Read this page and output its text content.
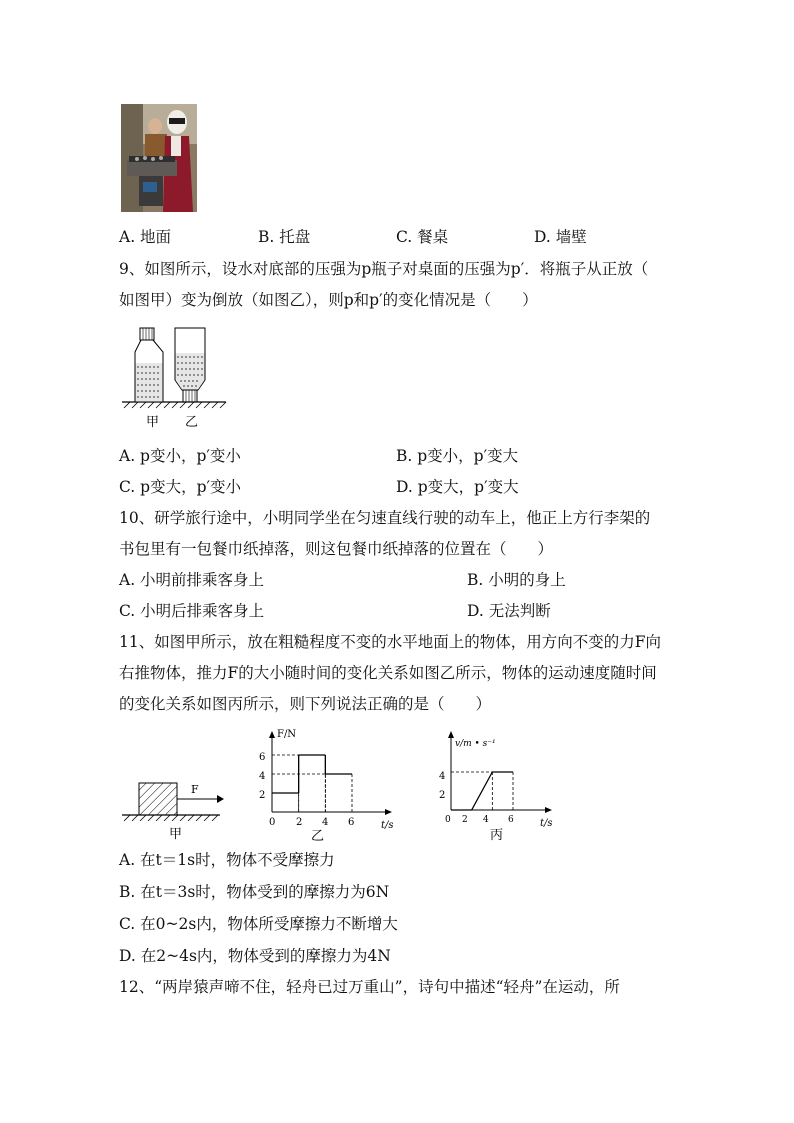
A. 地面	B. 托盘	C. 餐桌	D. 墙壁
9、如图所示，设水对底部的压强为p瓶子对桌面的压强为p′．将瓶子从正放（
如图甲）变为倒放（如图乙），则p和p′的变化情况是（　　）
甲 乙
A. p变小，p′变小	B. p变小，p′变大
C. p变大，p′变小	D. p变大，p′变大
10、研学旅行途中，小明同学坐在匀速直线行驶的动车上，他正上方行李架的
书包里有一包餐巾纸掉落，则这包餐巾纸掉落的位置在（　　）
A. 小明前排乘客身上	B. 小明的身上
C. 小明后排乘客身上	D. 无法判断
11、如图甲所示，放在粗糙程度不变的水平地面上的物体，用方向不变的力F向
右推物体，推力F的大小随时间的变化关系如图乙所示，物体的运动速度随时间
的变化关系如图丙所示，则下列说法正确的是（　　）
F
甲
F/N
t/s
6
4
2
0 2 4 6
乙
v/m • s⁻¹
t/s
4
2
0 2 4 6
丙
A. 在t＝1s时，物体不受摩擦力
B. 在t＝3s时，物体受到的摩擦力为6N
C. 在0~2s内，物体所受摩擦力不断增大
D. 在2~4s内，物体受到的摩擦力为4N
12、“两岸猿声啼不住，轻舟已过万重山”，诗句中描述“轻舟”在运动，所
